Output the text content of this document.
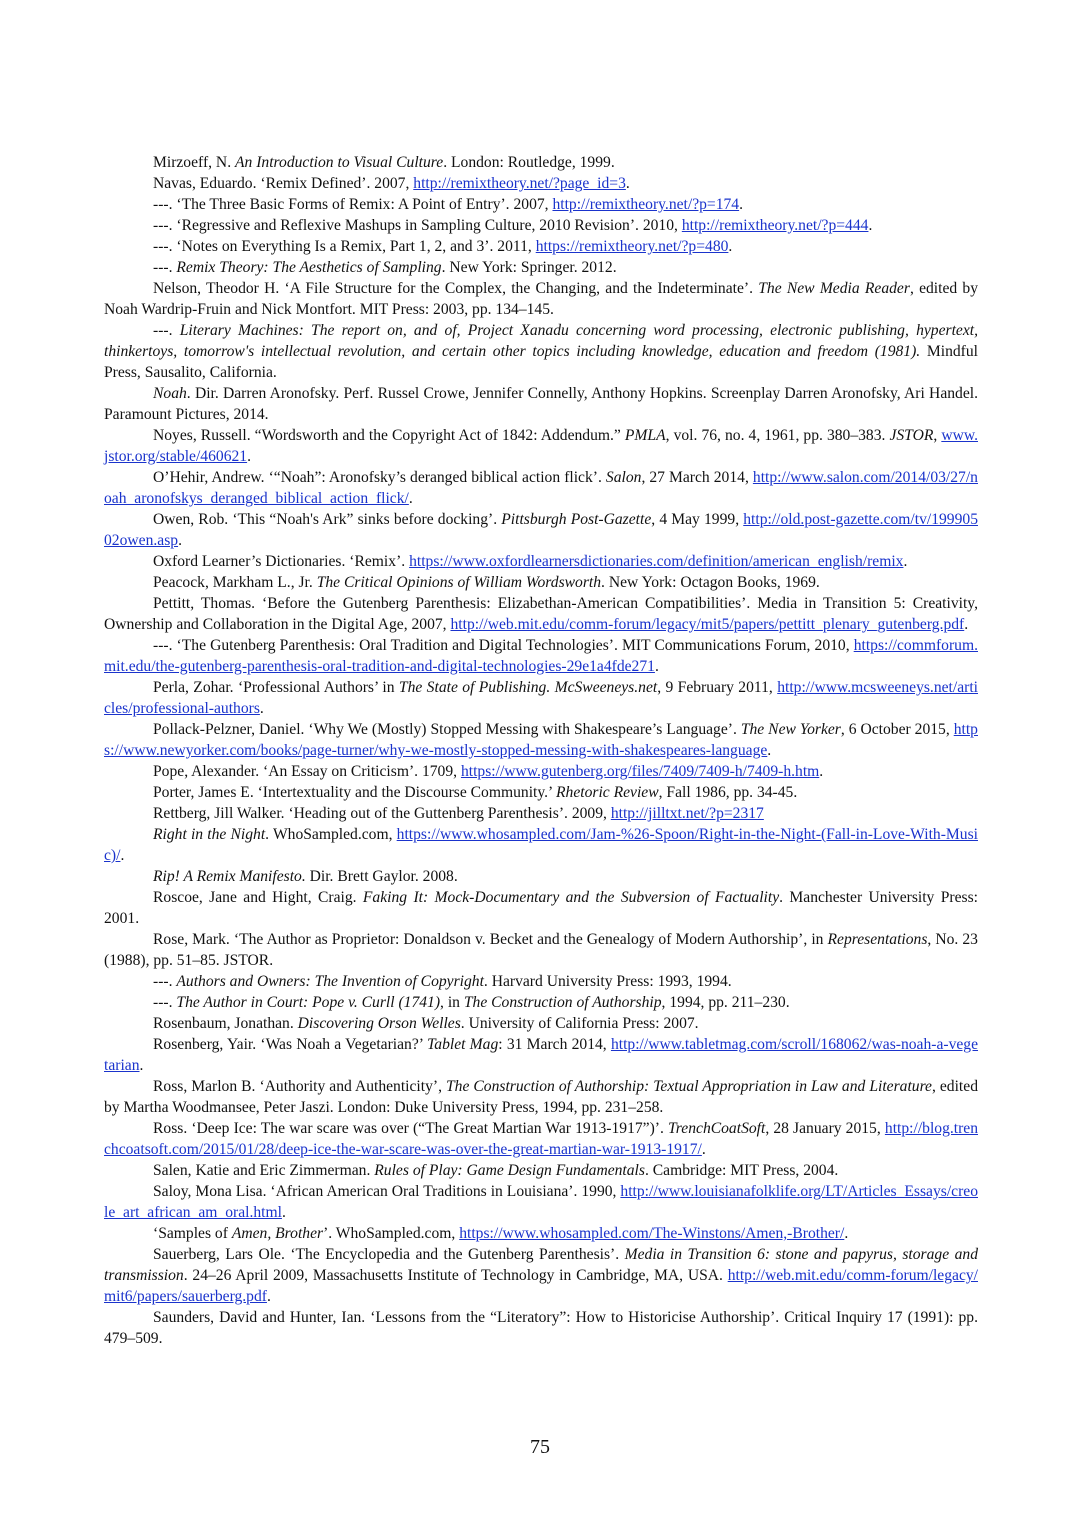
Mirzoeff, N. An Introduction to Visual Culture. London: Routledge, 1999.

Navas, Eduardo. ‘Remix Defined’. 2007, http://remixtheory.net/?page_id=3.

---. ‘The Three Basic Forms of Remix: A Point of Entry’. 2007, http://remixtheory.net/?p=174.

---. ‘Regressive and Reflexive Mashups in Sampling Culture, 2010 Revision’. 2010, http://remixtheory.net/?p=444.

---. ‘Notes on Everything Is a Remix, Part 1, 2, and 3’. 2011, https://remixtheory.net/?p=480.

---. Remix Theory: The Aesthetics of Sampling. New York: Springer. 2012.

Nelson, Theodor H. ‘A File Structure for the Complex, the Changing, and the Indeterminate’. The New Media Reader, edited by Noah Wardrip-Fruin and Nick Montfort. MIT Press: 2003, pp. 134–145.

---. Literary Machines: The report on, and of, Project Xanadu concerning word processing, electronic publishing, hypertext, thinkertoys, tomorrow's intellectual revolution, and certain other topics including knowledge, education and freedom (1981). Mindful Press, Sausalito, California.

Noah. Dir. Darren Aronofsky. Perf. Russel Crowe, Jennifer Connelly, Anthony Hopkins. Screenplay Darren Aronofsky, Ari Handel. Paramount Pictures, 2014.

Noyes, Russell. “Wordsworth and the Copyright Act of 1842: Addendum.” PMLA, vol. 76, no. 4, 1961, pp. 380–383. JSTOR, www.jstor.org/stable/460621.

O’Hehir, Andrew. ‘“Noah”: Aronofsky’s deranged biblical action flick’. Salon, 27 March 2014, http://www.salon.com/2014/03/27/noah_aronofskys_deranged_biblical_action_flick/.

Owen, Rob. ‘This “Noah's Ark” sinks before docking’. Pittsburgh Post-Gazette, 4 May 1999, http://old.post-gazette.com/tv/19990502owen.asp.

Oxford Learner’s Dictionaries. ‘Remix’. https://www.oxfordlearnersdictionaries.com/definition/american_english/remix.

Peacock, Markham L., Jr. The Critical Opinions of William Wordsworth. New York: Octagon Books, 1969.

Pettitt, Thomas. ‘Before the Gutenberg Parenthesis: Elizabethan-American Compatibilities’. Media in Transition 5: Creativity, Ownership and Collaboration in the Digital Age, 2007, http://web.mit.edu/comm-forum/legacy/mit5/papers/pettitt_plenary_gutenberg.pdf.

---. ‘The Gutenberg Parenthesis: Oral Tradition and Digital Technologies’. MIT Communications Forum, 2010, https://commforum.mit.edu/the-gutenberg-parenthesis-oral-tradition-and-digital-technologies-29e1a4fde271.

Perla, Zohar. ‘Professional Authors’ in The State of Publishing. McSweeneys.net, 9 February 2011, http://www.mcsweeneys.net/articles/professional-authors.

Pollack-Pelzner, Daniel. ‘Why We (Mostly) Stopped Messing with Shakespeare’s Language’. The New Yorker, 6 October 2015, https://www.newyorker.com/books/page-turner/why-we-mostly-stopped-messing-with-shakespeares-language.

Pope, Alexander. ‘An Essay on Criticism’. 1709, https://www.gutenberg.org/files/7409/7409-h/7409-h.htm.

Porter, James E. ‘Intertextuality and the Discourse Community.’ Rhetoric Review, Fall 1986, pp. 34-45.

Rettberg, Jill Walker. ‘Heading out of the Guttenberg Parenthesis’. 2009, http://jilltxt.net/?p=2317

Right in the Night. WhoSampled.com, https://www.whosampled.com/Jam-%26-Spoon/Right-in-the-Night-(Fall-in-Love-With-Music)/.

Rip! A Remix Manifesto. Dir. Brett Gaylor. 2008.

Roscoe, Jane and Hight, Craig. Faking It: Mock-Documentary and the Subversion of Factuality. Manchester University Press: 2001.

Rose, Mark. ‘The Author as Proprietor: Donaldson v. Becket and the Genealogy of Modern Authorship’, in Representations, No. 23 (1988), pp. 51–85. JSTOR.

---. Authors and Owners: The Invention of Copyright. Harvard University Press: 1993, 1994.

---. The Author in Court: Pope v. Curll (1741), in The Construction of Authorship, 1994, pp. 211–230.

Rosenbaum, Jonathan. Discovering Orson Welles. University of California Press: 2007.

Rosenberg, Yair. ‘Was Noah a Vegetarian?’ Tablet Mag: 31 March 2014, http://www.tabletmag.com/scroll/168062/was-noah-a-vegetarian.

Ross, Marlon B. ‘Authority and Authenticity’, The Construction of Authorship: Textual Appropriation in Law and Literature, edited by Martha Woodmansee, Peter Jaszi. London: Duke University Press, 1994, pp. 231–258.

Ross. ‘Deep Ice: The war scare was over (“The Great Martian War 1913-1917”)’. TrenchCoatSoft, 28 January 2015, http://blog.trenchcoatsoft.com/2015/01/28/deep-ice-the-war-scare-was-over-the-great-martian-war-1913-1917/.

Salen, Katie and Eric Zimmerman. Rules of Play: Game Design Fundamentals. Cambridge: MIT Press, 2004.

Saloy, Mona Lisa. ‘African American Oral Traditions in Louisiana’. 1990, http://www.louisianafolklife.org/LT/Articles_Essays/creole_art_african_am_oral.html.

‘Samples of Amen, Brother’. WhoSampled.com, https://www.whosampled.com/The-Winstons/Amen,-Brother/.

Sauerberg, Lars Ole. ‘The Encyclopedia and the Gutenberg Parenthesis’. Media in Transition 6: stone and papyrus, storage and transmission. 24–26 April 2009, Massachusetts Institute of Technology in Cambridge, MA, USA. http://web.mit.edu/comm-forum/legacy/mit6/papers/sauerberg.pdf.

Saunders, David and Hunter, Ian. ‘Lessons from the “Literatory”: How to Historicise Authorship’. Critical Inquiry 17 (1991): pp. 479–509.

75
